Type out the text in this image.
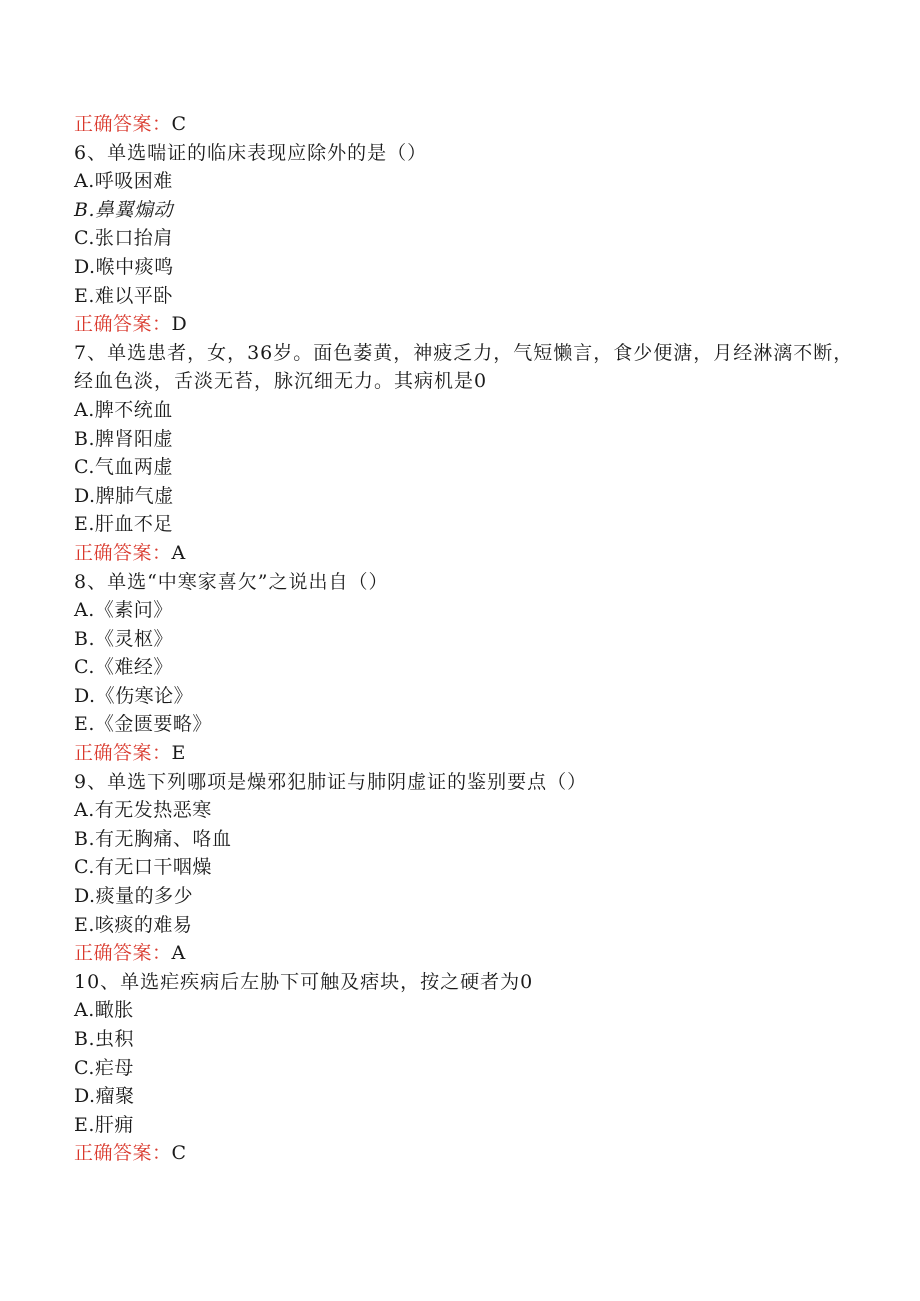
正确答案：C
6、单选喘证的临床表现应除外的是（）
A.呼吸困难
B.鼻翼煽动
C.张口抬肩
D.喉中痰鸣
E.难以平卧
正确答案：D
7、单选患者，女，36岁。面色萎黄，神疲乏力，气短懒言，食少便溏，月经淋漓不断，经血色淡，舌淡无苔，脉沉细无力。其病机是0
A.脾不统血
B.脾肾阳虚
C.气血两虚
D.脾肺气虚
E.肝血不足
正确答案：A
8、单选“中寒家喜欠”之说出自（）
A.《素问》
B.《灵枢》
C.《难经》
D.《伤寒论》
E.《金匮要略》
正确答案：E
9、单选下列哪项是燥邪犯肺证与肺阴虚证的鉴别要点（）
A.有无发热恶寒
B.有无胸痛、咯血
C.有无口干咽燥
D.痰量的多少
E.咳痰的难易
正确答案：A
10、单选疟疾病后左胁下可触及痞块，按之硬者为0
A.瞰胀
B.虫积
C.疟母
D.瘤聚
E.肝痈
正确答案：C
